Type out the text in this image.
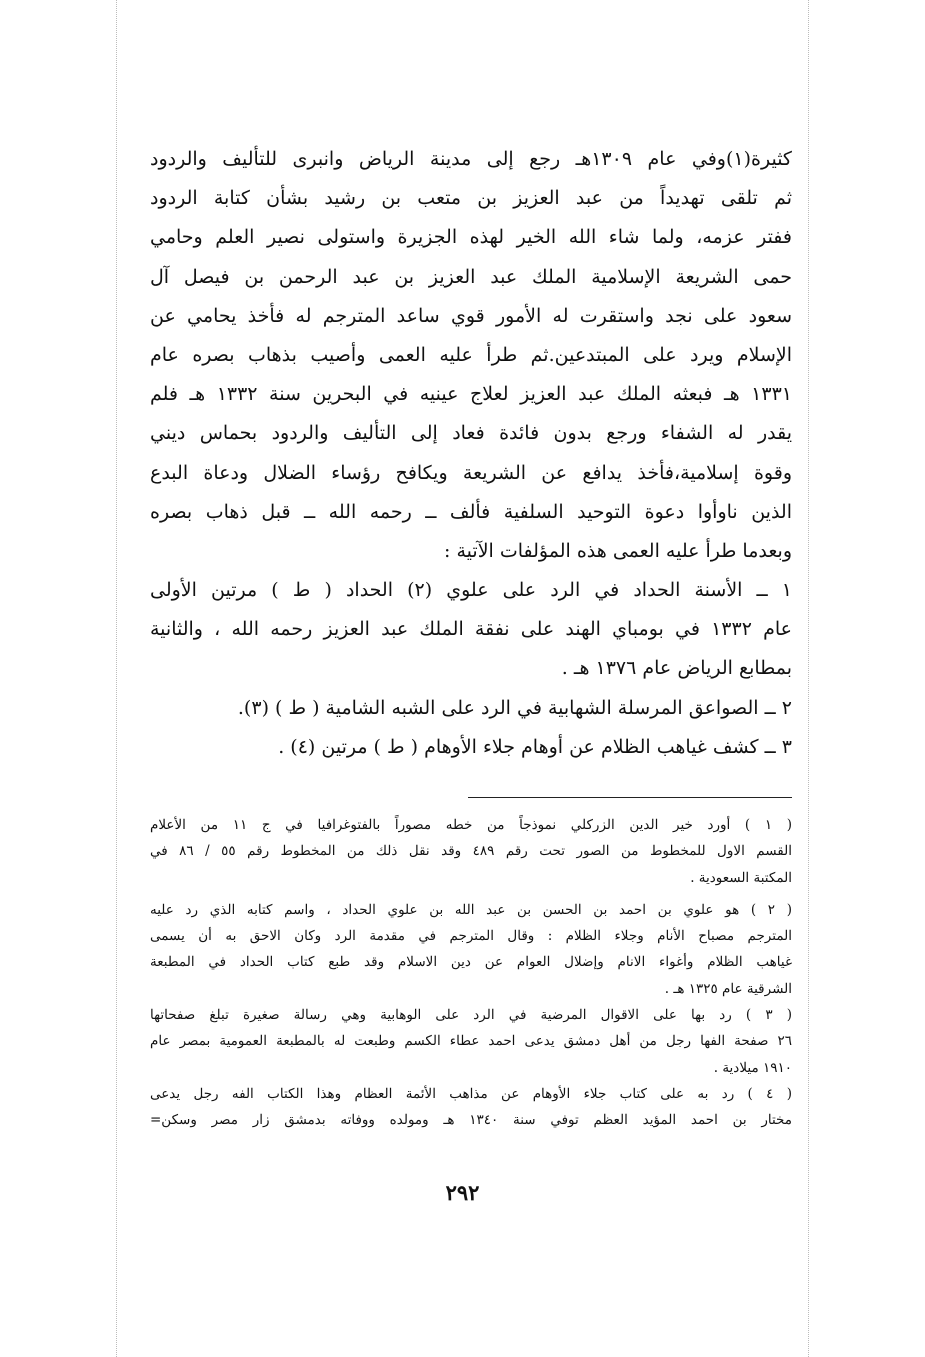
كثيرة(١)وفي عام ١٣٠٩هـ رجع إلى مدينة الرياض وانبرى للتأليف والردود
ثم تلقى تهديداً من عبد العزيز بن متعب بن رشيد بشأن كتابة الردود
ففتر عزمه، ولما شاء الله الخير لهذه الجزيرة واستولى نصير العلم وحامي
حمى الشريعة الإسلامية الملك عبد العزيز بن عبد الرحمن بن فيصل آل
سعود على نجد واستقرت له الأمور قوي ساعد المترجم له فأخذ يحامي عن
الإسلام ويرد على المبتدعين.ثم طرأ عليه العمى وأصيب بذهاب بصره عام
١٣٣١ هـ فبعثه الملك عبد العزيز لعلاج عينيه في البحرين سنة ١٣٣٢ هـ فلم
يقدر له الشفاء ورجع بدون فائدة فعاد إلى التأليف والردود بحماس ديني
وقوة إسلامية،فأخذ يدافع عن الشريعة ويكافح رؤساء الضلال ودعاة البدع
الذين ناوأوا دعوة التوحيد السلفية فألف ــ رحمه الله ــ قبل ذهاب بصره
وبعدما طرأ عليه العمى هذه المؤلفات الآتية :
١ ــ الأسنة الحداد في الرد على علوي (٢) الحداد ( ط ) مرتين الأولى
عام ١٣٣٢ في بومباي الهند على نفقة الملك عبد العزيز رحمه الله ، والثانية
بمطابع الرياض عام ١٣٧٦ هـ .
٢ ــ الصواعق المرسلة الشهابية في الرد على الشبه الشامية ( ط ) (٣).
٣ ــ كشف غياهب الظلام عن أوهام جلاء الأوهام ( ط ) مرتين (٤) .
( ١ ) أورد خير الدين الزركلي نموذجاً من خطه مصوراً بالفتوغرافيا في ج ١١ من الأعلام
القسم الاول للمخطوط من الصور تحت رقم ٤٨٩ وقد نقل ذلك من المخطوط رقم ٥٥ / ٨٦ في
المكتبة السعودية .
( ٢ ) هو علوي بن احمد بن الحسن بن عبد الله بن علوي الحداد ، واسم كتابه الذي رد عليه
المترجم مصباح الأنام وجلاء الظلام : وقال المترجم في مقدمة الرد وكان الاحق به أن يسمى
غياهب الظلام وأغواء الانام وإضلال العوام عن دين الاسلام وقد طبع كتاب الحداد في المطبعة
الشرقية عام ١٣٢٥ هـ .
( ٣ ) رد بها على الاقوال المرضية في الرد على الوهابية وهي رسالة صغيرة تبلغ صفحاتها
٢٦ صفحة الفها رجل من أهل دمشق يدعى احمد عطاء الكسم وطبعت له بالمطبعة العمومية بمصر عام
١٩١٠ ميلادية .
( ٤ ) رد به على كتاب جلاء الأوهام عن مذاهب الأئمة العظام وهذا الكتاب الفه رجل يدعى
مختار بن احمد المؤيد العظم توفي سنة ١٣٤٠ هـ ومولده ووفاته بدمشق زار مصر وسكن=
٢٩٢
